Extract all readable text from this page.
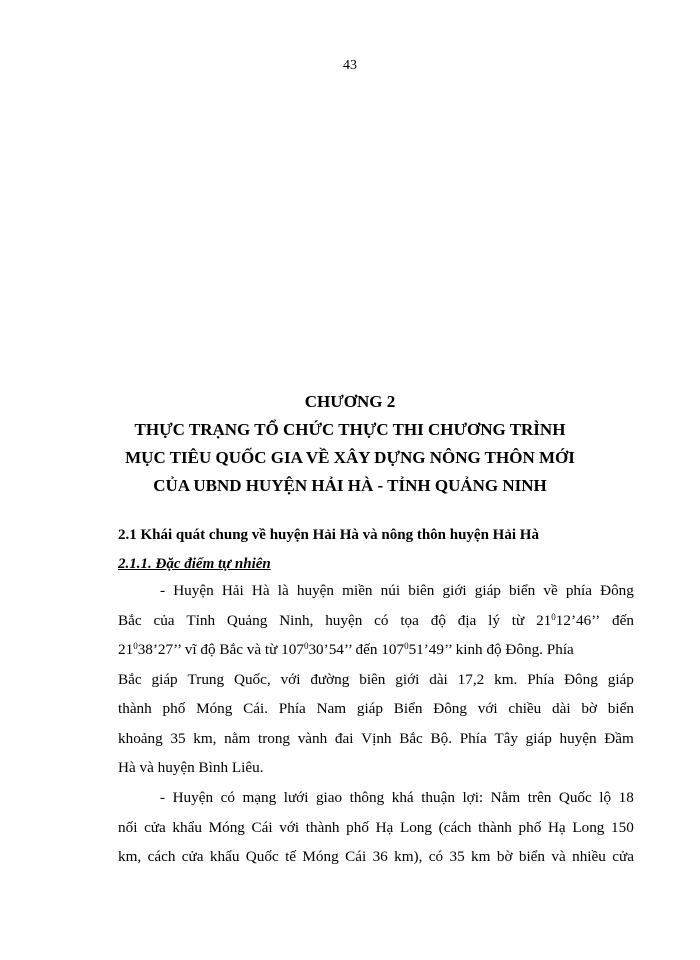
43
CHƯƠNG 2
THỰC TRẠNG TỔ CHỨC THỰC THI CHƯƠNG TRÌNH
MỤC TIÊU QUỐC GIA VỀ XÂY DỰNG NÔNG THÔN MỚI
CỦA UBND HUYỆN HẢI HÀ - TỈNH QUẢNG NINH
2.1 Khái quát chung về huyện Hải Hà và nông thôn huyện Hải Hà
2.1.1. Đặc điểm tự nhiên
- Huyện Hải Hà là huyện miền núi biên giới giáp biển về phía Đông
Bắc của Tỉnh Quảng Ninh, huyện có tọa độ địa lý từ $21^012’46$’’ đến
$21^038’27$’’ vĩ độ Bắc và từ $107^030’54$’’ đến $107^051’49$’’ kinh độ Đông. Phía
Bắc giáp Trung Quốc, với đường biên giới dài 17,2 km. Phía Đông giáp
thành phố Móng Cái. Phía Nam giáp Biển Đông với chiều dài bờ biển
khoảng 35 km, nằm trong vành đai Vịnh Bắc Bộ. Phía Tây giáp huyện Đầm
Hà và huyện Bình Liêu.
- Huyện có mạng lưới giao thông khá thuận lợi: Nằm trên Quốc lộ 18
nối cửa khẩu Móng Cái với thành phố Hạ Long (cách thành phố Hạ Long 150
km, cách cửa khẩu Quốc tế Móng Cái 36 km), có 35 km bờ biển và nhiều cửa
